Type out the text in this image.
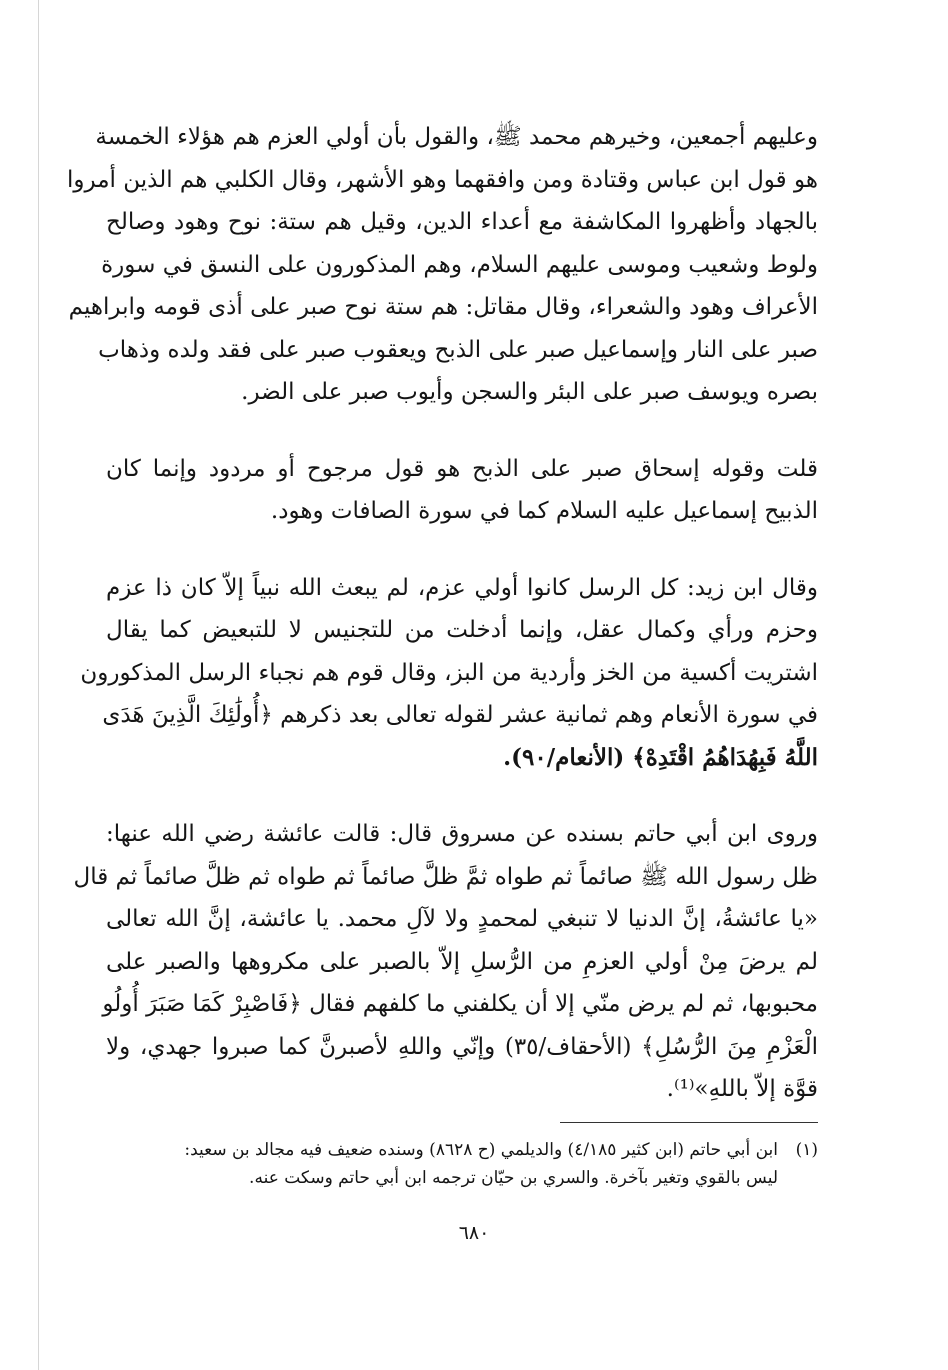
وعليهم أجمعين، وخيرهم محمد ﷺ، والقول بأن أولي العزم هم هؤلاء الخمسة
هو قول ابن عباس وقتادة ومن وافقهما وهو الأشهر، وقال الكلبي هم الذين أمروا
بالجهاد وأظهروا المكاشفة مع أعداء الدين، وقيل هم ستة: نوح وهود وصالح
ولوط وشعيب وموسى عليهم السلام، وهم المذكورون على النسق في سورة
الأعراف وهود والشعراء، وقال مقاتل: هم ستة نوح صبر على أذى قومه وابراهيم
صبر على النار وإسماعيل صبر على الذبح ويعقوب صبر على فقد ولده وذهاب
بصره ويوسف صبر على البئر والسجن وأيوب صبر على الضر.

قلت وقوله إسحاق صبر على الذبح هو قول مرجوح أو مردود وإنما كان
الذبيح إسماعيل عليه السلام كما في سورة الصافات وهود.

وقال ابن زيد: كل الرسل كانوا أولي عزم، لم يبعث الله نبياً إلاّ كان ذا عزم
وحزم ورأي وكمال عقل، وإنما أدخلت من للتجنيس لا للتبعيض كما يقال
اشتريت أكسية من الخز وأردية من البز، وقال قوم هم نجباء الرسل المذكورون
في سورة الأنعام وهم ثمانية عشر لقوله تعالى بعد ذكرهم ﴿أُولَٰئِكَ الَّذِينَ هَدَى
اللَّهُ فَبِهُدَاهُمُ اقْتَدِهْ﴾ (الأنعام/٩٠).

وروى ابن أبي حاتم بسنده عن مسروق قال: قالت عائشة رضي الله عنها:
ظل رسول الله ﷺ صائماً ثم طواه ثمَّ ظلَّ صائماً ثم طواه ثم ظلَّ صائماً ثم قال
«يا عائشةُ، إنَّ الدنيا لا تنبغي لمحمدٍ ولا لآلِ محمد. يا عائشة، إنَّ الله تعالى
لم يرضَ مِنْ أولي العزمِ من الرُّسلِ إلاّ بالصبر على مكروهها والصبر على
محبوبها، ثم لم يرض منّي إلا أن يكلفني ما كلفهم فقال ﴿فَاصْبِرْ كَمَا صَبَرَ أُولُو
الْعَزْمِ مِنَ الرُّسُلِ﴾ (الأحقاف/٣٥) وإنّي واللهِ لأصبرنَّ كما صبروا جهدي، ولا
قوَّة إلاّ باللهِ»⁽¹⁾.

(١)ابن أبي حاتم (ابن كثير ٤/١٨٥) والديلمي (ح ٨٦٢٨) وسنده ضعيف فيه مجالد بن سعيد:
ليس بالقوي وتغير بآخرة. والسري بن حيّان ترجمه ابن أبي حاتم وسكت عنه.
٦٨٠
